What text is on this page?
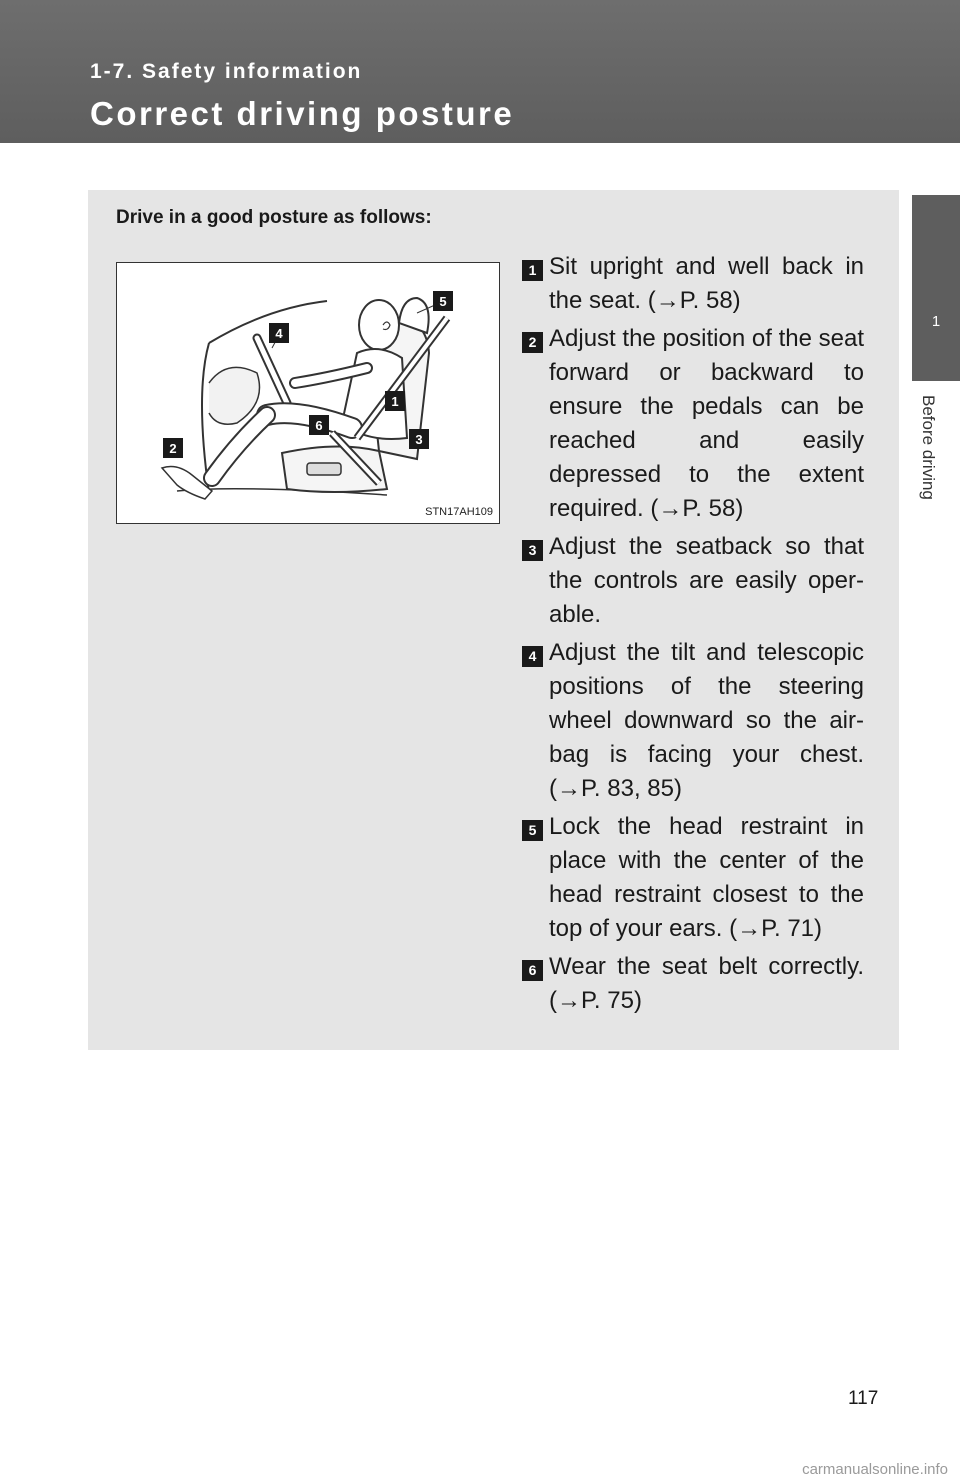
1-7. Safety information
Correct driving posture
1
Before driving
Drive in a good posture as follows:
1
2
3
4
5
6
STN17AH109
1 Sit upright and well back in the seat. (→P. 58)
2 Adjust the position of the seat forward or backward to ensure the pedals can be reached and easily depressed to the extent required. (→P. 58)
3 Adjust the seatback so that the controls are easily oper-able.
4 Adjust the tilt and telescopic positions of the steering wheel downward so the air-bag is facing your chest. (→P. 83, 85)
5 Lock the head restraint in place with the center of the head restraint closest to the top of your ears. (→P. 71)
6 Wear the seat belt correctly. (→P. 75)
117
carmanualsonline.info
